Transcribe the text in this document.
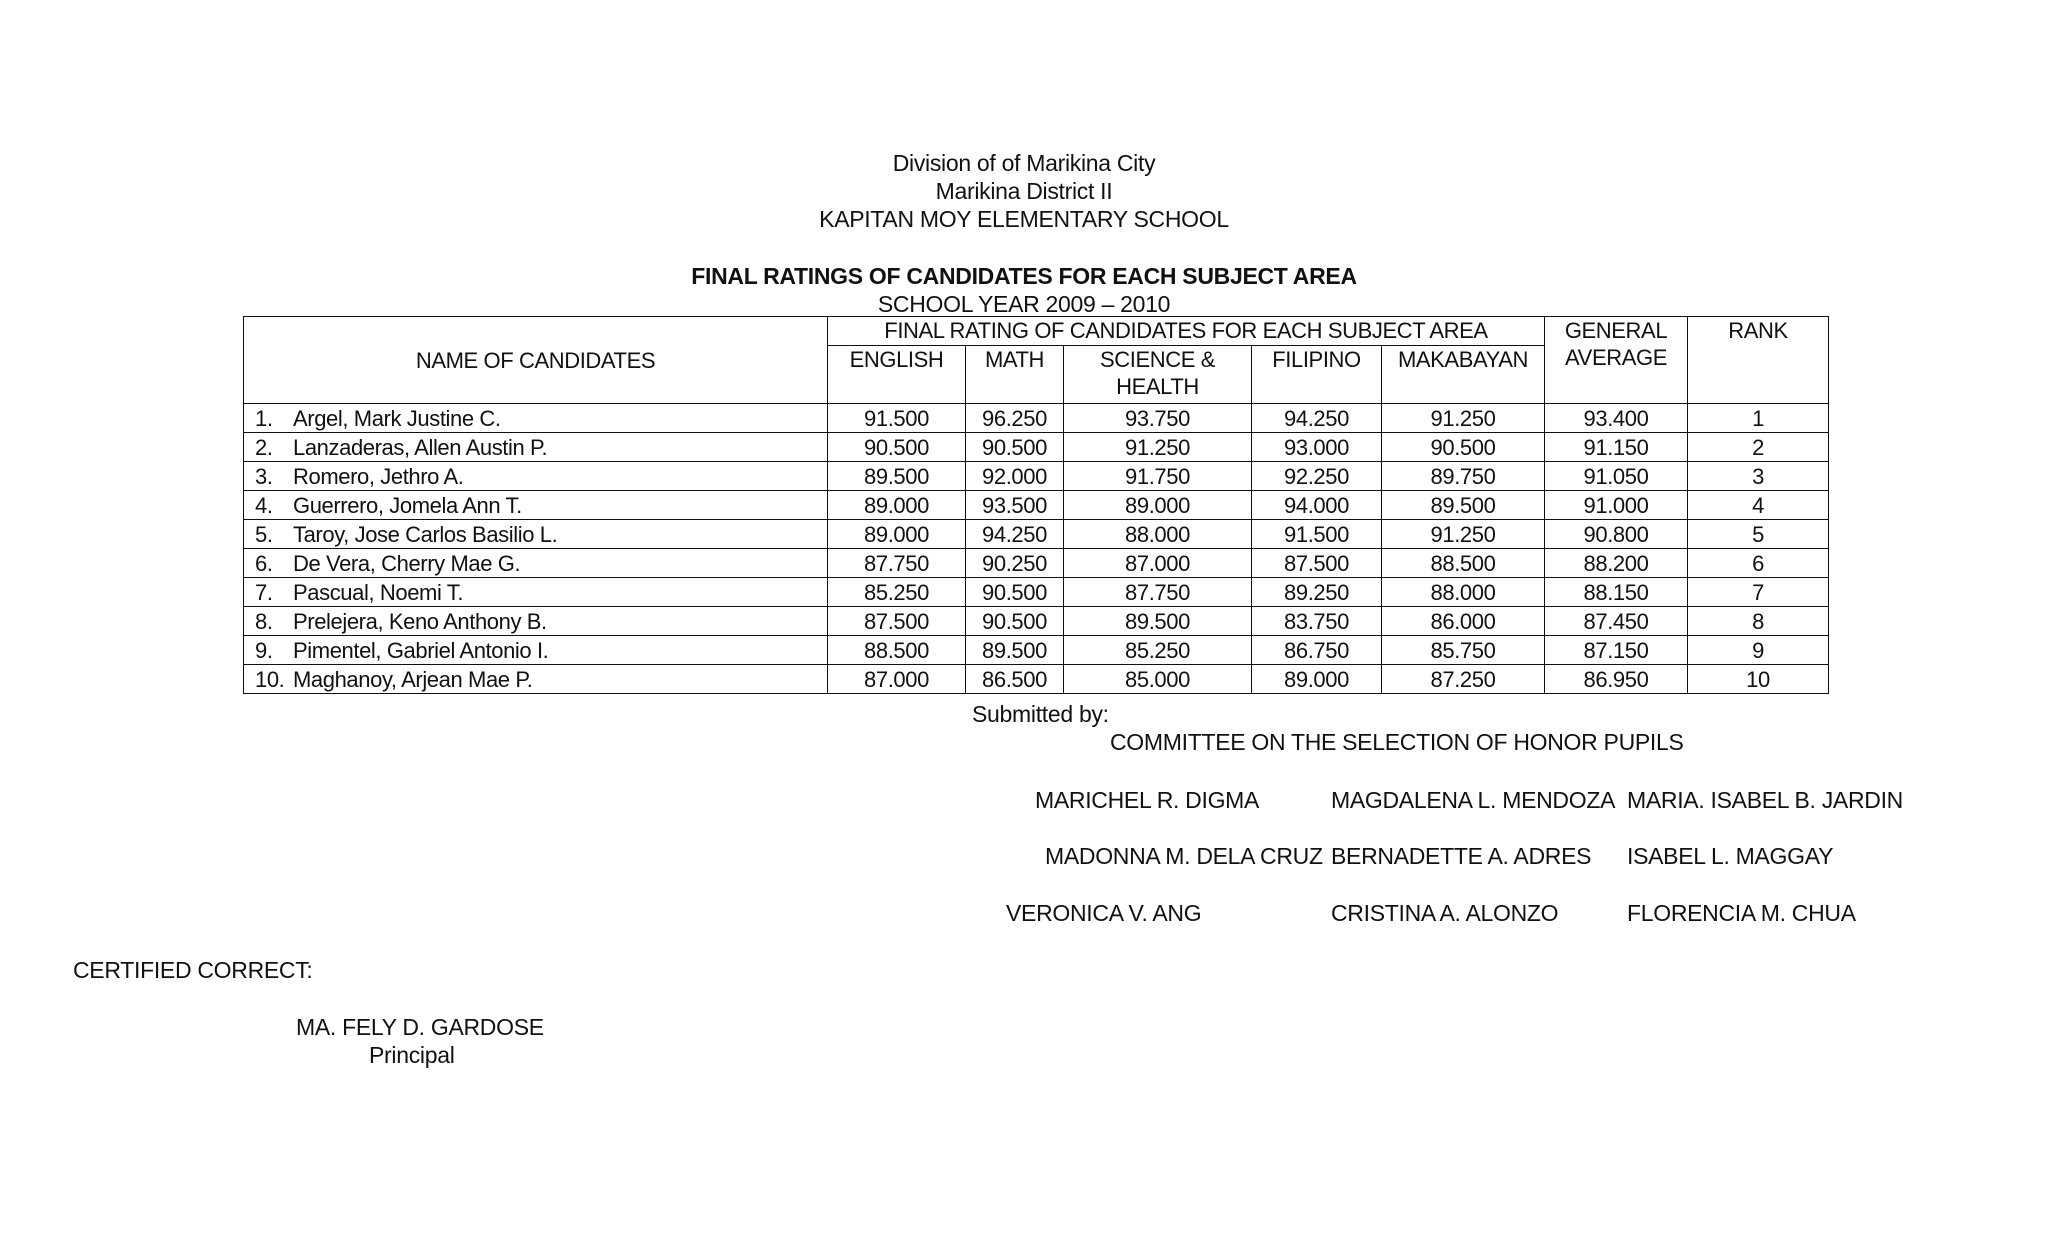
Division of of Marikina City
Marikina District II
KAPITAN MOY ELEMENTARY SCHOOL
FINAL RATINGS OF CANDIDATES FOR EACH SUBJECT AREA
SCHOOL YEAR 2009 – 2010
NAME OF CANDIDATES	FINAL RATING OF CANDIDATES FOR EACH SUBJECT AREA					GENERAL AVERAGE	RANK
	ENGLISH	MATH	SCIENCE & HEALTH	FILIPINO	MAKABAYAN		
1. Argel, Mark Justine C.	91.500	96.250	93.750	94.250	91.250	93.400	1
2. Lanzaderas, Allen Austin P.	90.500	90.500	91.250	93.000	90.500	91.150	2
3. Romero, Jethro A.	89.500	92.000	91.750	92.250	89.750	91.050	3
4. Guerrero, Jomela Ann T.	89.000	93.500	89.000	94.000	89.500	91.000	4
5. Taroy, Jose Carlos Basilio L.	89.000	94.250	88.000	91.500	91.250	90.800	5
6. De Vera, Cherry Mae G.	87.750	90.250	87.000	87.500	88.500	88.200	6
7. Pascual, Noemi T.	85.250	90.500	87.750	89.250	88.000	88.150	7
8. Prelejera, Keno Anthony B.	87.500	90.500	89.500	83.750	86.000	87.450	8
9. Pimentel, Gabriel Antonio I.	88.500	89.500	85.250	86.750	85.750	87.150	9
10. Maghanoy, Arjean Mae P.	87.000	86.500	85.000	89.000	87.250	86.950	10
Submitted by:
COMMITTEE ON THE SELECTION OF HONOR PUPILS
MARICHEL R. DIGMA	MAGDALENA L. MENDOZA MARIA. ISABEL B. JARDIN
MADONNA M. DELA CRUZ BERNADETTE A. ADRES ISABEL L. MAGGAY
VERONICA V. ANG	CRISTINA A. ALONZO	FLORENCIA M. CHUA
CERTIFIED CORRECT:
MA. FELY D. GARDOSE
Principal
